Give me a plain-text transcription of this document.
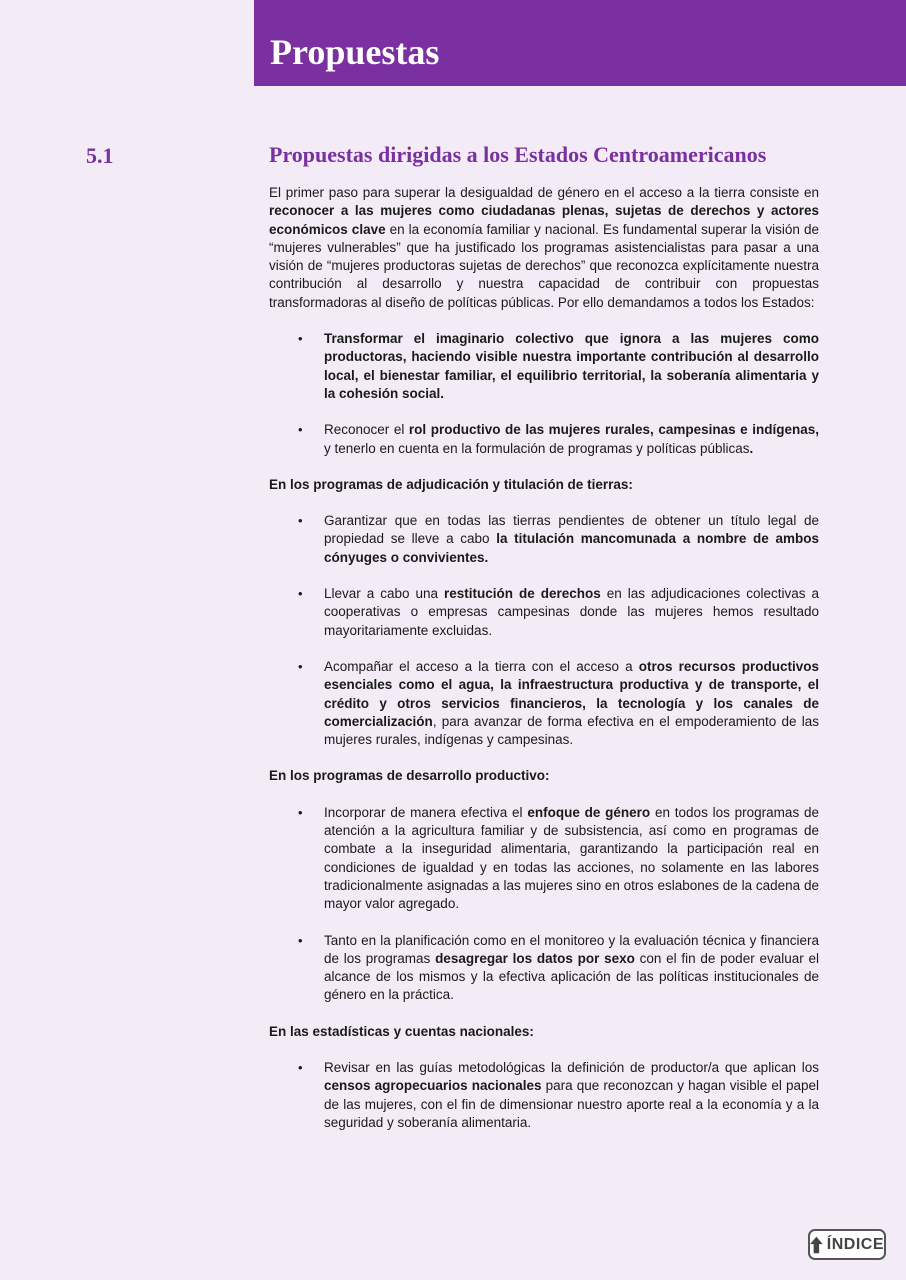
Propuestas
5.1	Propuestas dirigidas a los Estados Centroamericanos

El primer paso para superar la desigualdad de género en el acceso a la tierra consiste en reconocer a las mujeres como ciudadanas plenas, sujetas de derechos y actores económicos clave en la economía familiar y nacional. Es fundamental superar la visión de “mujeres vulnerables” que ha justificado los programas asistencialistas para pasar a una visión de “mujeres productoras sujetas de derechos” que reconozca explícitamente nuestra contribución al desarrollo y nuestra capacidad de contribuir con propuestas transformadoras al diseño de políticas públicas. Por ello demandamos a todos los Estados:

• Transformar el imaginario colectivo que ignora a las mujeres como productoras, haciendo visible nuestra importante contribución al desarrollo local, el bienestar familiar, el equilibrio territorial, la soberanía alimentaria y la cohesión social.
• Reconocer el rol productivo de las mujeres rurales, campesinas e indígenas, y tenerlo en cuenta en la formulación de programas y políticas públicas.

En los programas de adjudicación y titulación de tierras:

• Garantizar que en todas las tierras pendientes de obtener un título legal de propiedad se lleve a cabo la titulación mancomunada a nombre de ambos cónyuges o convivientes.
• Llevar a cabo una restitución de derechos en las adjudicaciones colectivas a cooperativas o empresas campesinas donde las mujeres hemos resultado mayoritariamente excluidas.
• Acompañar el acceso a la tierra con el acceso a otros recursos productivos esenciales como el agua, la infraestructura productiva y de transporte, el crédito y otros servicios financieros, la tecnología y los canales de comercialización, para avanzar de forma efectiva en el empoderamiento de las mujeres rurales, indígenas y campesinas.

En los programas de desarrollo productivo:

• Incorporar de manera efectiva el enfoque de género en todos los programas de atención a la agricultura familiar y de subsistencia, así como en programas de combate a la inseguridad alimentaria, garantizando la participación real en condiciones de igualdad y en todas las acciones, no solamente en las labores tradicionalmente asignadas a las mujeres sino en otros eslabones de la cadena de mayor valor agregado.
• Tanto en la planificación como en el monitoreo y la evaluación técnica y financiera de los programas desagregar los datos por sexo con el fin de poder evaluar el alcance de los mismos y la efectiva aplicación de las políticas institucionales de género en la práctica.

En las estadísticas y cuentas nacionales:

• Revisar en las guías metodológicas la definición de productor/a que aplican los censos agropecuarios nacionales para que reconozcan y hagan visible el papel de las mujeres, con el fin de dimensionar nuestro aporte real a la economía y a la seguridad y soberanía alimentaria.
ÍNDICE
